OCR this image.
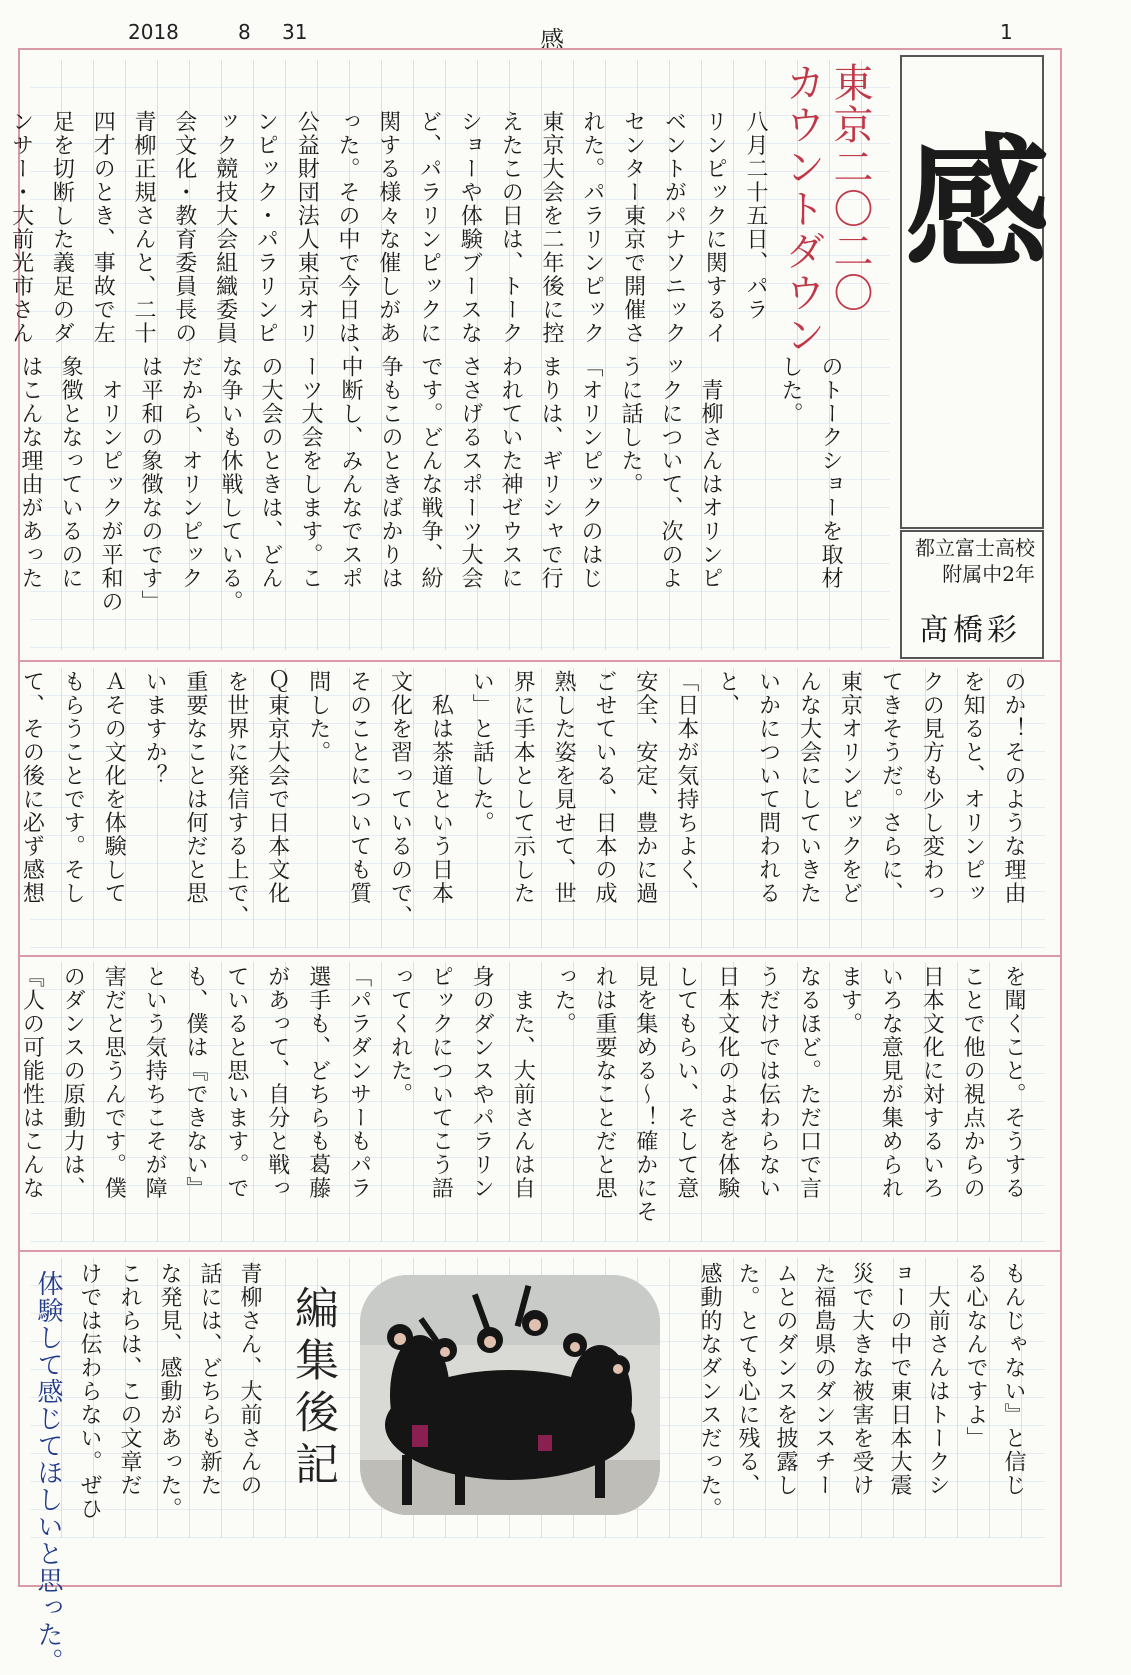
2018	8 31	感	1
感
都立富士高校 附属中2年
髙橋彩
東京二〇二〇
カウントダウン
八月二十五日、パラ
リンピックに関するイ
ベントがパナソニック
センター東京で開催さ
れた。パラリンピック
東京大会を二年後に控
えたこの日は、トーク
ショーや体験ブースな
ど、パラリンピックに
関する様々な催しがあ
った。その中で今日は、
公益財団法人東京オリ
ンピック・パラリンピ
ック競技大会組織委員
会文化・教育委員長の
青柳正規さんと、二十
四才のとき、事故で左
足を切断した義足のダ
ンサー・大前光市さん
のトークショーを取材
した。
　青柳さんはオリンピ
ックについて、次のよ
うに話した。
「オリンピックのはじ
まりは、ギリシャで行
われていた神ゼウスに
ささげるスポーツ大会
です。どんな戦争、紛
争もこのときばかりは
中断し、みんなでスポ
ーツ大会をします。こ
の大会のときは、どん
な争いも休戦している。
だから、オリンピック
は平和の象徴なのです」
　オリンピックが平和の
象徴となっているのに
はこんな理由があった
のか！そのような理由
を知ると、オリンピッ
クの見方も少し変わっ
てきそうだ。さらに、
東京オリンピックをど
んな大会にしていきた
いかについて問われる
と、
「日本が気持ちよく、
安全、安定、豊かに過
ごせている、日本の成
熟した姿を見せて、世
界に手本として示した
い」と話した。
　私は茶道という日本
文化を習っているので、
そのことについても質
問した。
Ｑ東京大会で日本文化
を世界に発信する上で、
重要なことは何だと思
いますか？
Ａその文化を体験して
もらうことです。そし
て、その後に必ず感想
を聞くこと。そうする
ことで他の視点からの
日本文化に対するいろ
いろな意見が集められ
ます。
なるほど。ただ口で言
うだけでは伝わらない
日本文化のよさを体験
してもらい、そして意
見を集める～！確かにそ
れは重要なことだと思
った。
　また、大前さんは自
身のダンスやパラリン
ピックについてこう語
ってくれた。
「パラダンサーもパラ
選手も、どちらも葛藤
があって、自分と戦っ
ていると思います。で
も、僕は『できない』
という気持ちこそが障
害だと思うんです。僕
のダンスの原動力は、
『人の可能性はこんな
もんじゃない』と信じ
る心なんですよ」
　大前さんはトークシ
ョーの中で東日本大震
災で大きな被害を受け
た福島県のダンスチー
ムとのダンスを披露し
た。とても心に残る、
感動的なダンスだった。
青柳さん、大前さんの
話には、どちらも新た
な発見、感動があった。
これらは、この文章だ
けでは伝わらない。ぜひ	編集後記
体験して感じてほしいと思った。
